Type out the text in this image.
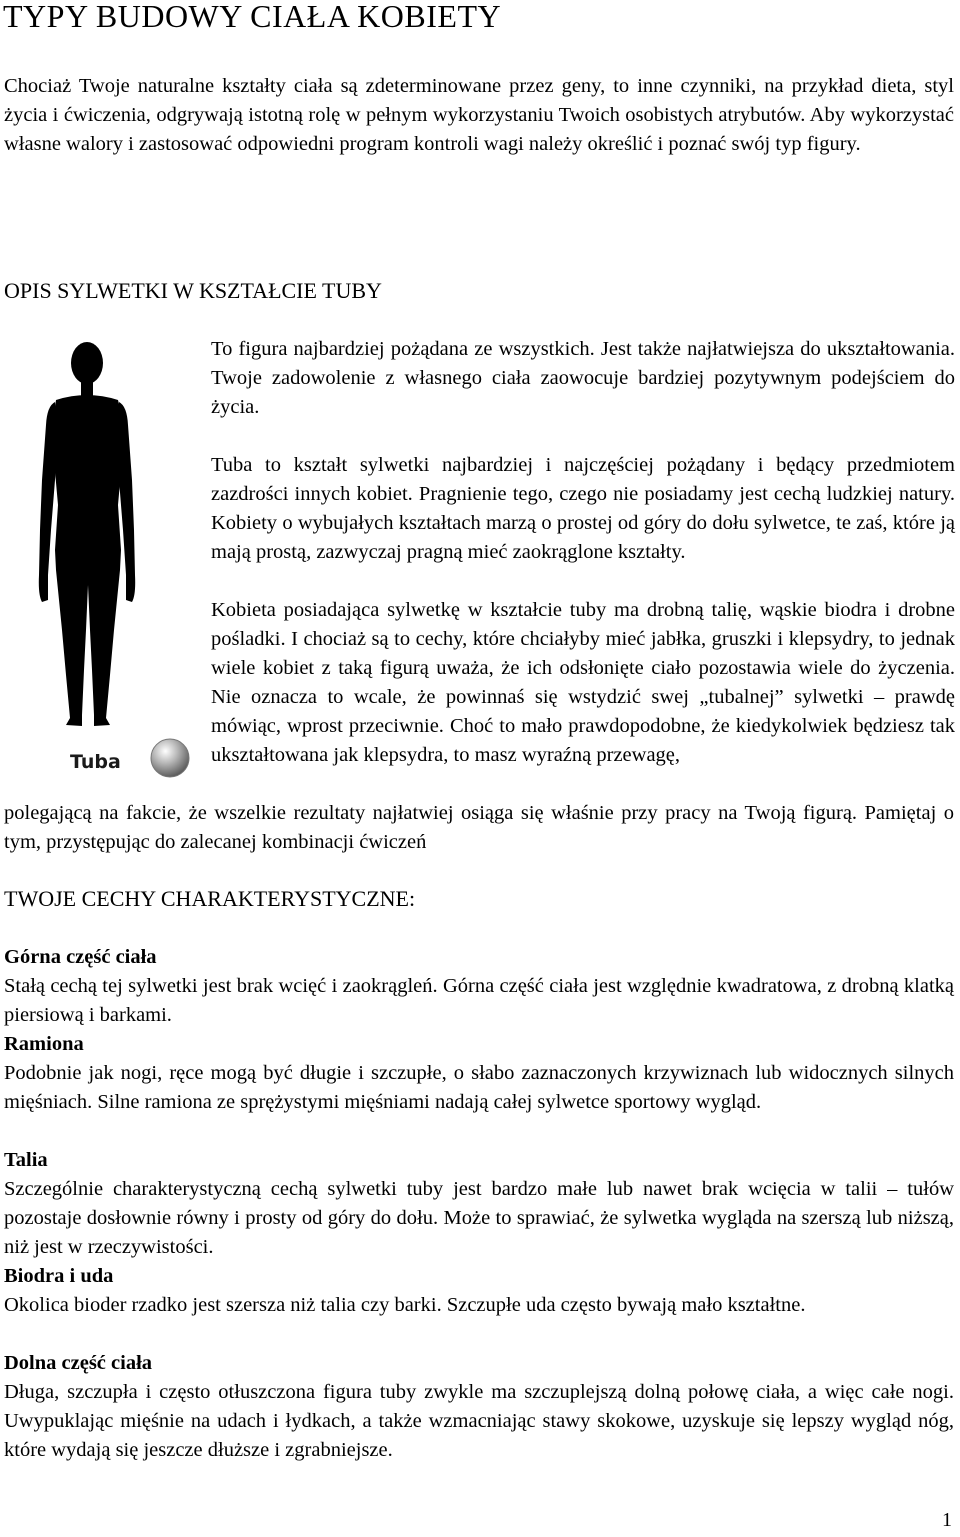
TYPY BUDOWY CIAŁA KOBIETY

Chociaż Twoje naturalne kształty ciała są zdeterminowane przez geny, to inne czynniki, na przykład dieta, styl życia i ćwiczenia, odgrywają istotną rolę w pełnym wykorzystaniu Twoich osobistych atrybutów. Aby wykorzystać własne walory i zastosować odpowiedni program kontroli wagi należy określić i poznać swój typ figury.

OPIS SYLWETKI W KSZTAŁCIE TUBY
Tuba

To figura najbardziej pożądana ze wszystkich. Jest także najłatwiejsza do ukształtowania. Twoje zadowolenie z własnego ciała zaowocuje bardziej pozytywnym podejściem do życia.

Tuba to kształt sylwetki najbardziej i najczęściej pożądany i będący przedmiotem zazdrości innych kobiet. Pragnienie tego, czego nie posiadamy jest cechą ludzkiej natury. Kobiety o wybujałych kształtach marzą o prostej od góry do dołu sylwetce, te zaś, które ją mają prostą, zazwyczaj pragną mieć zaokrąglone kształty.

Kobieta posiadająca sylwetkę w kształcie tuby ma drobną talię, wąskie biodra i drobne pośladki. I chociaż są to cechy, które chciałyby mieć jabłka, gruszki i klepsydry, to jednak wiele kobiet z taką figurą uważa, że ich odsłonięte ciało pozostawia wiele do życzenia. Nie oznacza to wcale, że powinnaś się wstydzić swej „tubalnej” sylwetki – prawdę mówiąc, wprost przeciwnie. Choć to mało prawdopodobne, że kiedykolwiek będziesz tak ukształtowana jak klepsydra, to masz wyraźną przewagę,

polegającą na fakcie, że wszelkie rezultaty najłatwiej osiąga się właśnie przy pracy na Twoją figurą. Pamiętaj o tym, przystępując do zalecanej kombinacji ćwiczeń

TWOJE CECHY CHARAKTERYSTYCZNE:
Górna część ciała

Stałą cechą tej sylwetki jest brak wcięć i zaokrągleń. Górna część ciała jest względnie kwadratowa, z drobną klatką piersiową i barkami.

Ramiona

Podobnie jak nogi, ręce mogą być długie i szczupłe, o słabo zaznaczonych krzywiznach lub widocznych silnych mięśniach. Silne ramiona ze sprężystymi mięśniami nadają całej sylwetce sportowy wygląd.

Talia

Szczególnie charakterystyczną cechą sylwetki tuby jest bardzo małe lub nawet brak wcięcia w talii – tułów pozostaje dosłownie równy i prosty od góry do dołu. Może to sprawiać, że sylwetka wygląda na szerszą lub niższą, niż jest w rzeczywistości.

Biodra i uda

Okolica bioder rzadko jest szersza niż talia czy barki. Szczupłe uda często bywają mało kształtne.

Dolna część ciała

Długa, szczupła i często otłuszczona figura tuby zwykle ma szczuplejszą dolną połowę ciała, a więc całe nogi. Uwypuklając mięśnie na udach i łydkach, a także wzmacniając stawy skokowe, uzyskuje się lepszy wygląd nóg, które wydają się jeszcze dłuższe i zgrabniejsze.

1
